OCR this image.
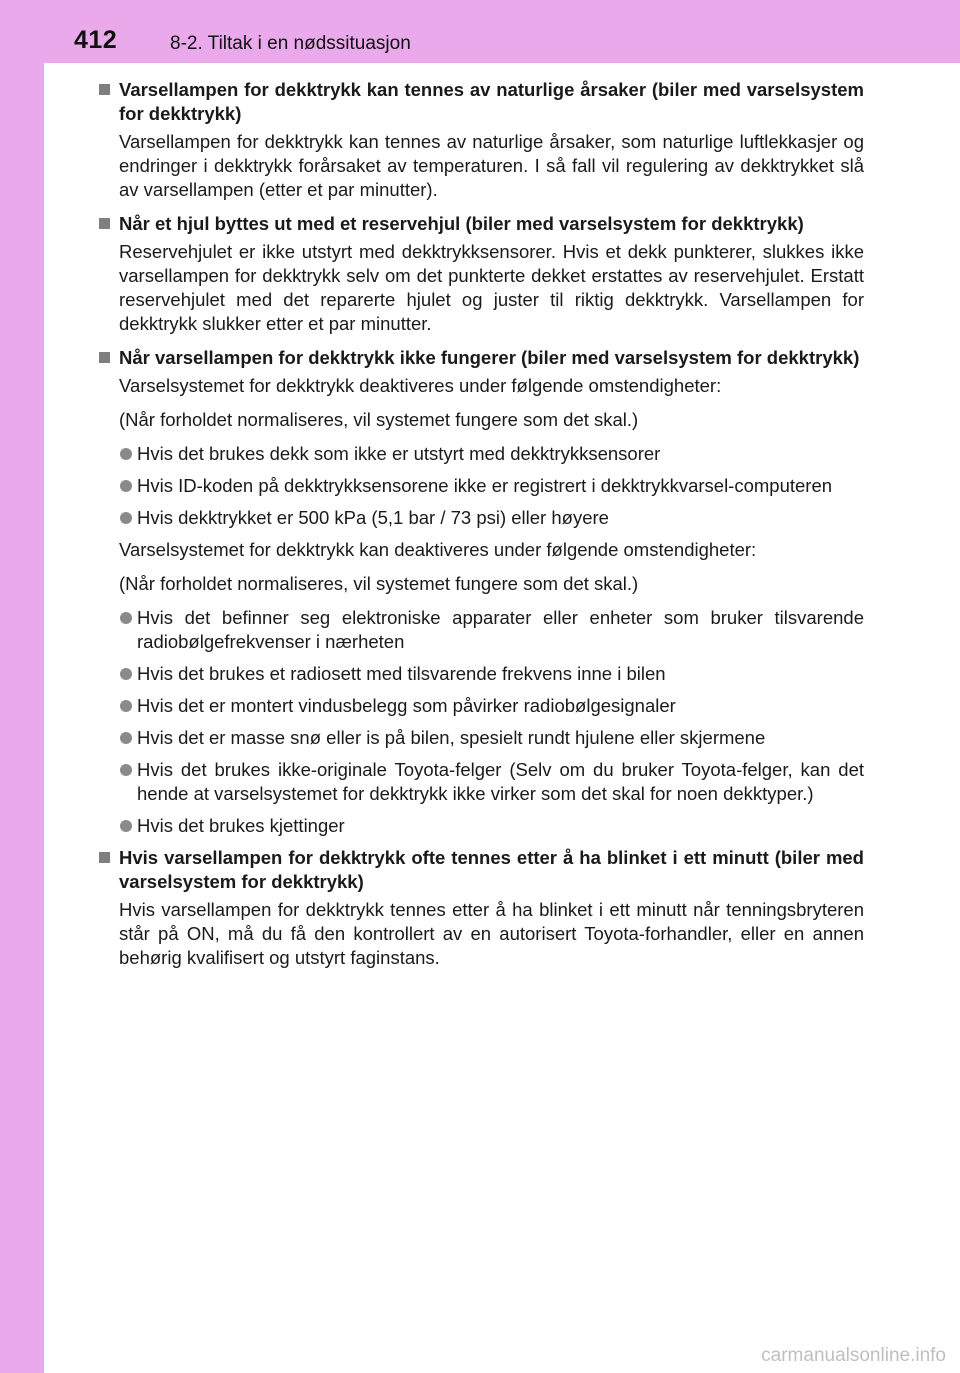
412	8-2. Tiltak i en nødssituasjon
Varsellampen for dekktrykk kan tennes av naturlige årsaker (biler med varselsystem for dekktrykk)
Varsellampen for dekktrykk kan tennes av naturlige årsaker, som naturlige luftlekkasjer og endringer i dekktrykk forårsaket av temperaturen. I så fall vil regulering av dekktrykket slå av varsellampen (etter et par minutter).
Når et hjul byttes ut med et reservehjul (biler med varselsystem for dekktrykk)
Reservehjulet er ikke utstyrt med dekktrykksensorer. Hvis et dekk punkterer, slukkes ikke varsellampen for dekktrykk selv om det punkterte dekket erstattes av reservehjulet. Erstatt reservehjulet med det reparerte hjulet og juster til riktig dekktrykk. Varsellampen for dekktrykk slukker etter et par minutter.
Når varsellampen for dekktrykk ikke fungerer (biler med varselsystem for dekktrykk)
Varselsystemet for dekktrykk deaktiveres under følgende omstendigheter:
(Når forholdet normaliseres, vil systemet fungere som det skal.)
Hvis det brukes dekk som ikke er utstyrt med dekktrykksensorer
Hvis ID-koden på dekktrykksensorene ikke er registrert i dekktrykkvarsel-computeren
Hvis dekktrykket er 500 kPa (5,1 bar / 73 psi) eller høyere
Varselsystemet for dekktrykk kan deaktiveres under følgende omstendigheter:
(Når forholdet normaliseres, vil systemet fungere som det skal.)
Hvis det befinner seg elektroniske apparater eller enheter som bruker tilsvarende radiobølgefrekvenser i nærheten
Hvis det brukes et radiosett med tilsvarende frekvens inne i bilen
Hvis det er montert vindusbelegg som påvirker radiobølgesignaler
Hvis det er masse snø eller is på bilen, spesielt rundt hjulene eller skjermene
Hvis det brukes ikke-originale Toyota-felger (Selv om du bruker Toyota-felger, kan det hende at varselsystemet for dekktrykk ikke virker som det skal for noen dekktyper.)
Hvis det brukes kjettinger
Hvis varsellampen for dekktrykk ofte tennes etter å ha blinket i ett minutt (biler med varselsystem for dekktrykk)
Hvis varsellampen for dekktrykk tennes etter å ha blinket i ett minutt når tenningsbryteren står på ON, må du få den kontrollert av en autorisert Toyota-forhandler, eller en annen behørig kvalifisert og utstyrt faginstans.
carmanualsonline.info
